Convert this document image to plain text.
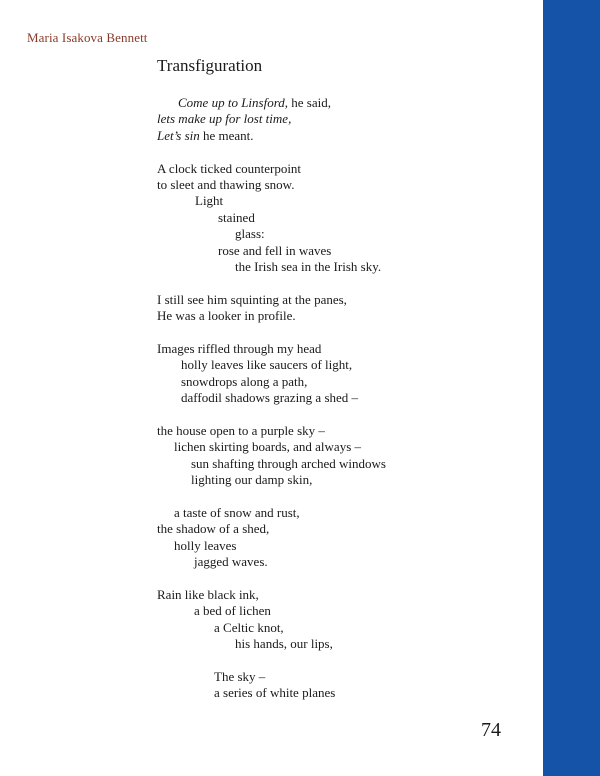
Maria Isakova Bennett
Transfiguration
Come up to Linsford, he said,
lets make up for lost time,
Let’s sin he meant.
A clock ticked counterpoint
to sleet and thawing snow.
Light
stained
glass:
rose and fell in waves
the Irish sea in the Irish sky.
I still see him squinting at the panes,
He was a looker in profile.
Images riffled through my head
holly leaves like saucers of light,
snowdrops along a path,
daffodil shadows grazing a shed –
the house open to a purple sky –
lichen skirting boards, and always –
sun shafting through arched windows
lighting our damp skin,
a taste of snow and rust,
the shadow of a shed,
holly leaves
jagged waves.
Rain like black ink,
a bed of lichen
a Celtic knot,
his hands, our lips,
The sky –
a series of white planes
74
